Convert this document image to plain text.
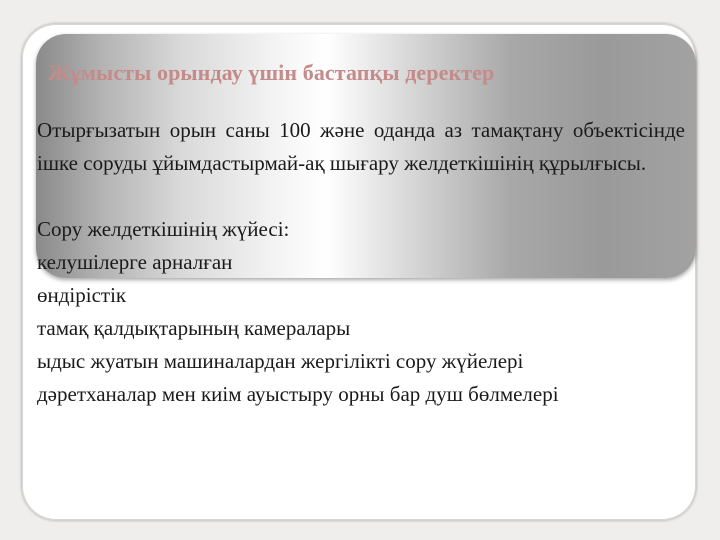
Жұмысты орындау үшін бастапқы деректер

Отырғызатын орын саны 100 және оданда аз тамақтану объектісінде ішке соруды ұйымдастырмай-ақ шығару желдеткішінің құрылғысы.

Сору желдеткішінің жүйесі:

келушілерге арналған

өндірістік

тамақ қалдықтарының камералары

ыдыс жуатын машиналардан жергілікті сору жүйелері

дәретханалар мен киім ауыстыру орны бар душ бөлмелері
